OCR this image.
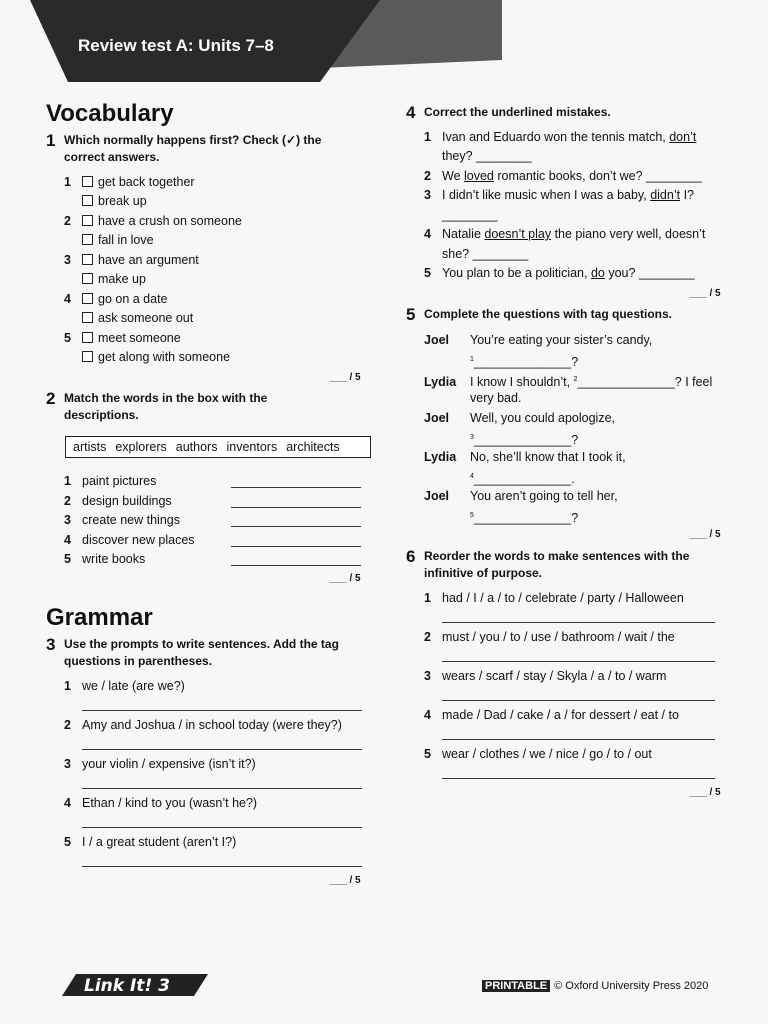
Review test A: Units 7–8
Vocabulary
1 Which normally happens first? Check (✓) the correct answers.
1 get back together
break up
2 have a crush on someone
fall in love
3 have an argument
make up
4 go on a date
ask someone out
5 meet someone
get along with someone
___ / 5
2 Match the words in the box with the descriptions.
artists explorers authors inventors architects
1 paint pictures
2 design buildings
3 create new things
4 discover new places
5 write books
___ / 5
Grammar
3 Use the prompts to write sentences. Add the tag questions in parentheses.
1 we / late (are we?)
2 Amy and Joshua / in school today (were they?)
3 your violin / expensive (isn’t it?)
4 Ethan / kind to you (wasn’t he?)
5 I / a great student (aren’t I?)
___ / 5
4 Correct the underlined mistakes.
1 Ivan and Eduardo won the tennis match, don’t
they? ________
2 We loved romantic books, don’t we? ________
3 I didn’t like music when I was a baby, didn’t I?
________
4 Natalie doesn’t play the piano very well, doesn’t
she? ________
5 You plan to be a politician, do you? ________
___ / 5
5 Complete the questions with tag questions.
Joel You’re eating your sister’s candy,
$^1$______________?
Lydia I know I shouldn’t, $^2$______________? I feel
very bad.
Joel Well, you could apologize,
$^3$______________?
Lydia No, she’ll know that I took it,
$^4$______________.
Joel You aren’t going to tell her,
$^5$______________?
___ / 5
6 Reorder the words to make sentences with the infinitive of purpose.
1 had / I / a / to / celebrate / party / Halloween
2 must / you / to / use / bathroom / wait / the
3 wears / scarf / stay / Skyla / a / to / warm
4 made / Dad / cake / a / for dessert / eat / to
5 wear / clothes / we / nice / go / to / out
___ / 5
Link It! 3	PRINTABLE © Oxford University Press 2020
